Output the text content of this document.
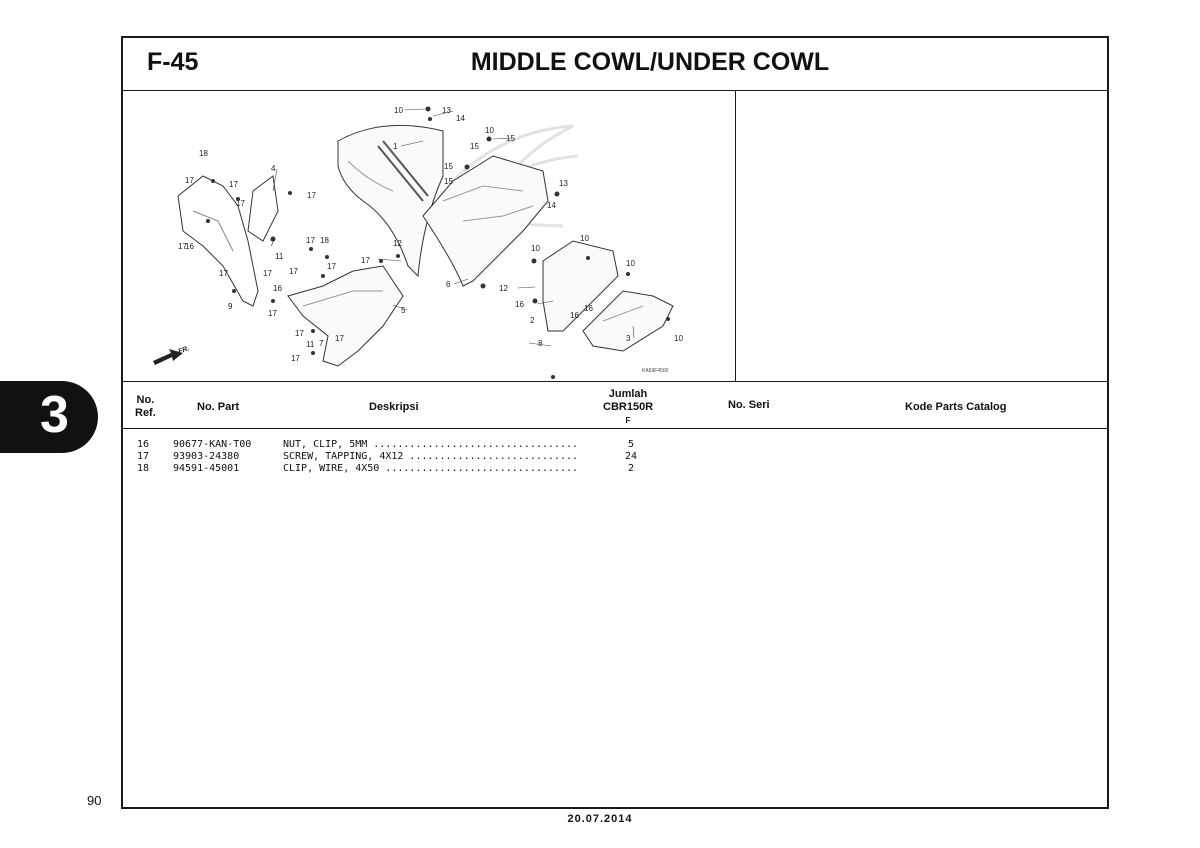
F-45	MIDDLE COWL/UNDER COWL
1
2
3
4
5
6
7
7	8
9
10
10
10
10
10
10
11
11
12
12
13
13
14
14
15
15
15
15
16
16
16
16
16
17	17
17
17
17
17	17 17
17
17
17
17
17
17
17
18
18
FR.
KA59F4500
No.
Ref.	No. Part	Deskripsi
Jumlah
CBR150R
F
No. Seri	Kode Parts Catalog
16 90677-KAN-T00	NUT, CLIP, 5MM ..................................	5
17 93903-24380	SCREW, TAPPING, 4X12 ............................	24
18 94591-45001	CLIP, WIRE, 4X50 ................................	2
3
90
20.07.2014
